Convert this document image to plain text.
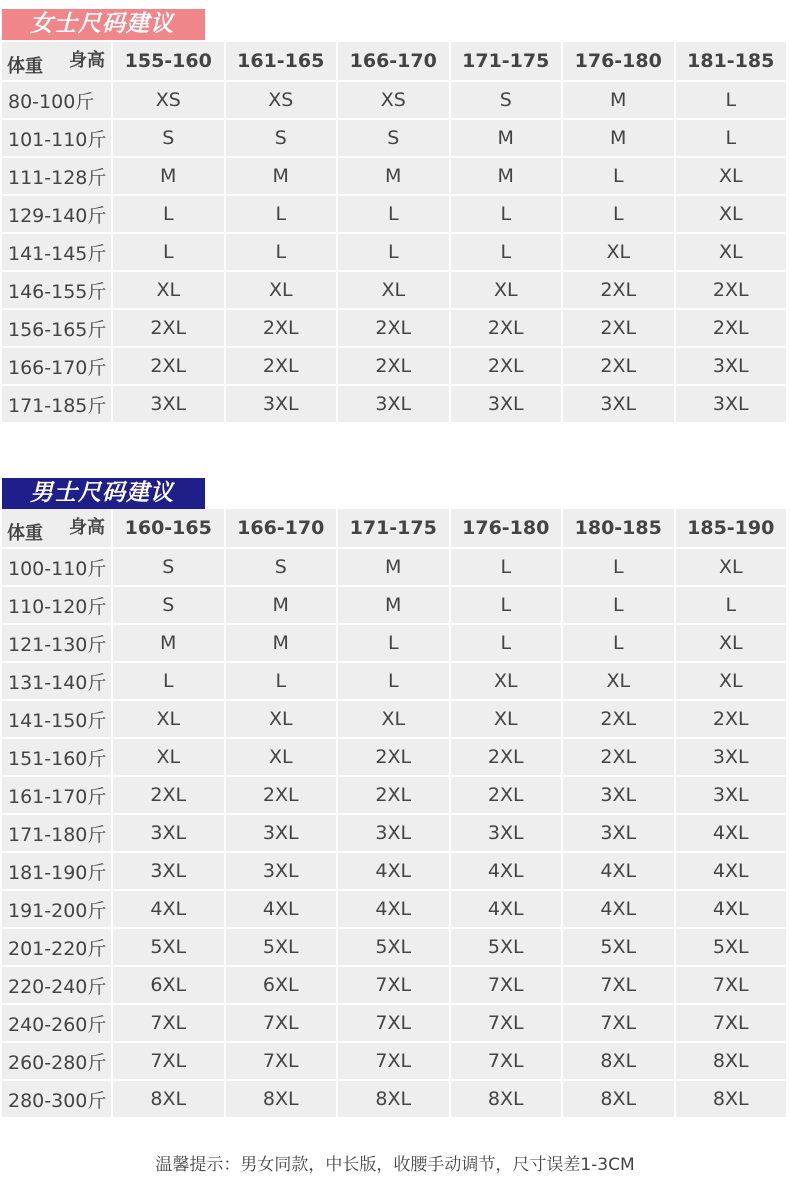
女士尺码建议
身高
体重	155-160	161-165	166-170	171-175	176-180	181-185
80-100斤	XS	XS	XS	S	M	L
101-110斤	S	S	S	M	M	L
111-128斤	M	M	M	M	L	XL
129-140斤	L	L	L	L	L	XL
141-145斤	L	L	L	L	XL	XL
146-155斤	XL	XL	XL	XL	2XL	2XL
156-165斤	2XL	2XL	2XL	2XL	2XL	2XL
166-170斤	2XL	2XL	2XL	2XL	2XL	3XL
171-185斤	3XL	3XL	3XL	3XL	3XL	3XL
男士尺码建议
身高
体重	160-165	166-170	171-175	176-180	180-185	185-190
100-110斤	S	S	M	L	L	XL
110-120斤	S	M	M	L	L	L
121-130斤	M	M	L	L	L	XL
131-140斤	L	L	L	XL	XL	XL
141-150斤	XL	XL	XL	XL	2XL	2XL
151-160斤	XL	XL	2XL	2XL	2XL	3XL
161-170斤	2XL	2XL	2XL	2XL	3XL	3XL
171-180斤	3XL	3XL	3XL	3XL	3XL	4XL
181-190斤	3XL	3XL	4XL	4XL	4XL	4XL
191-200斤	4XL	4XL	4XL	4XL	4XL	4XL
201-220斤	5XL	5XL	5XL	5XL	5XL	5XL
220-240斤	6XL	6XL	7XL	7XL	7XL	7XL
240-260斤	7XL	7XL	7XL	7XL	7XL	7XL
260-280斤	7XL	7XL	7XL	7XL	8XL	8XL
280-300斤	8XL	8XL	8XL	8XL	8XL	8XL
温馨提示：男女同款，中长版，收腰手动调节，尺寸误差1-3CM
